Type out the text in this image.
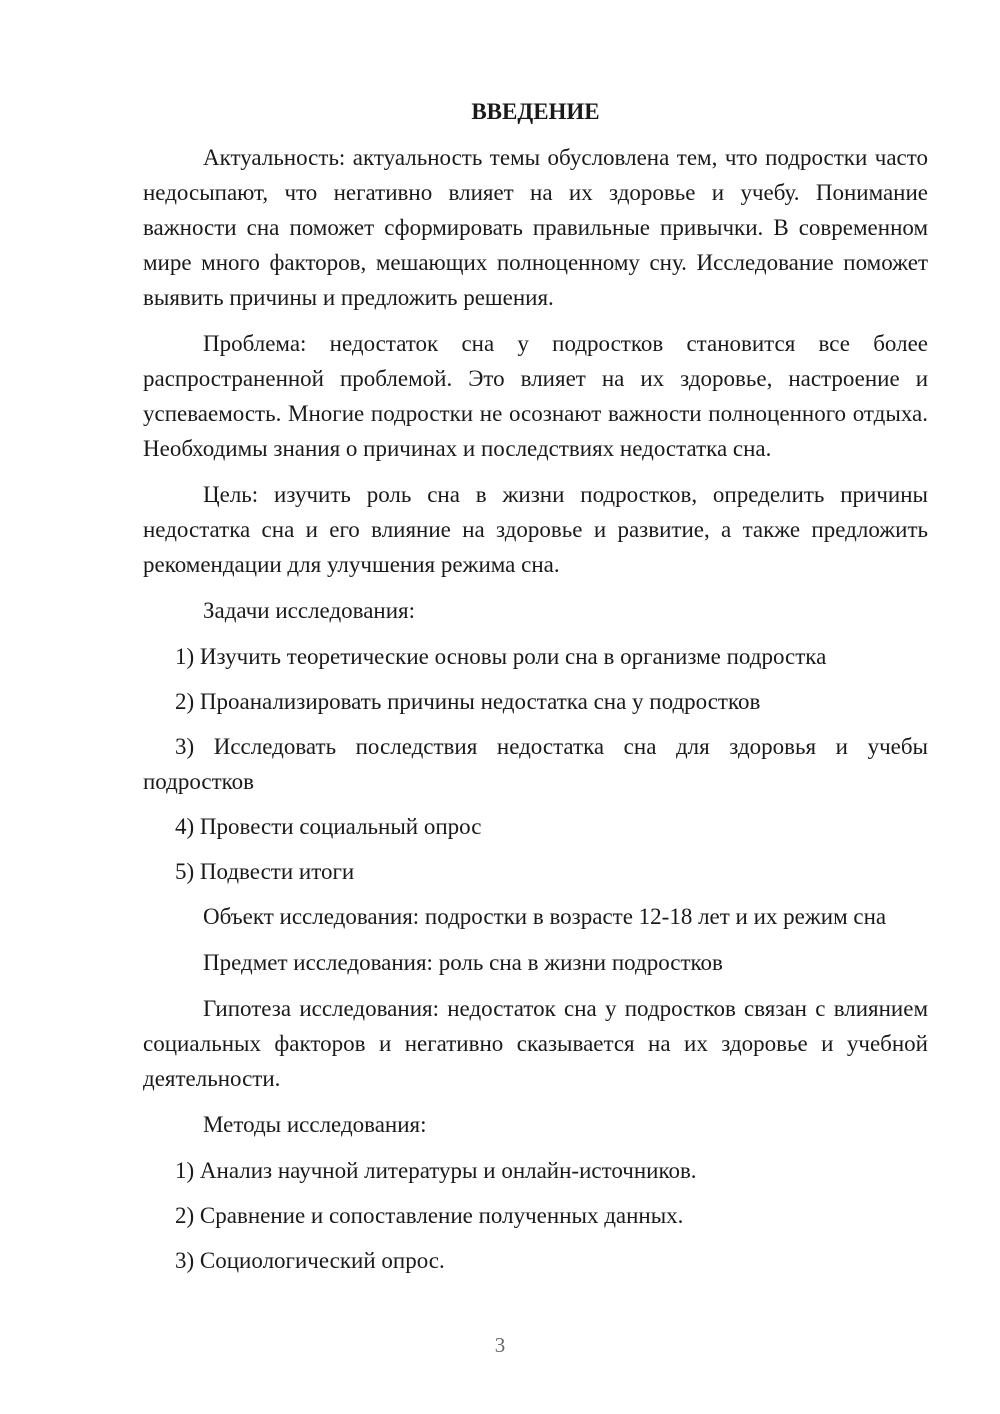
ВВЕДЕНИЕ

Актуальность: актуальность темы обусловлена тем, что подростки часто недосыпают, что негативно влияет на их здоровье и учебу. Понимание важности сна поможет сформировать правильные привычки. В современном мире много факторов, мешающих полноценному сну. Исследование поможет выявить причины и предложить решения.

Проблема: недостаток сна у подростков становится все более распространенной проблемой. Это влияет на их здоровье, настроение и успеваемость. Многие подростки не осознают важности полноценного отдыха. Необходимы знания о причинах и последствиях недостатка сна.

Цель: изучить роль сна в жизни подростков, определить причины недостатка сна и его влияние на здоровье и развитие, а также предложить рекомендации для улучшения режима сна.

Задачи исследования:

1) Изучить теоретические основы роли сна в организме подростка

2) Проанализировать причины недостатка сна у подростков

3) Исследовать последствия недостатка сна для здоровья и учебы подростков

4) Провести социальный опрос

5) Подвести итоги

Объект исследования: подростки в возрасте 12-18 лет и их режим сна

Предмет исследования: роль сна в жизни подростков

Гипотеза исследования: недостаток сна у подростков связан с влиянием социальных факторов и негативно сказывается на их здоровье и учебной деятельности.

Методы исследования:

1) Анализ научной литературы и онлайн-источников.

2) Сравнение и сопоставление полученных данных.

3) Социологический опрос.

3
